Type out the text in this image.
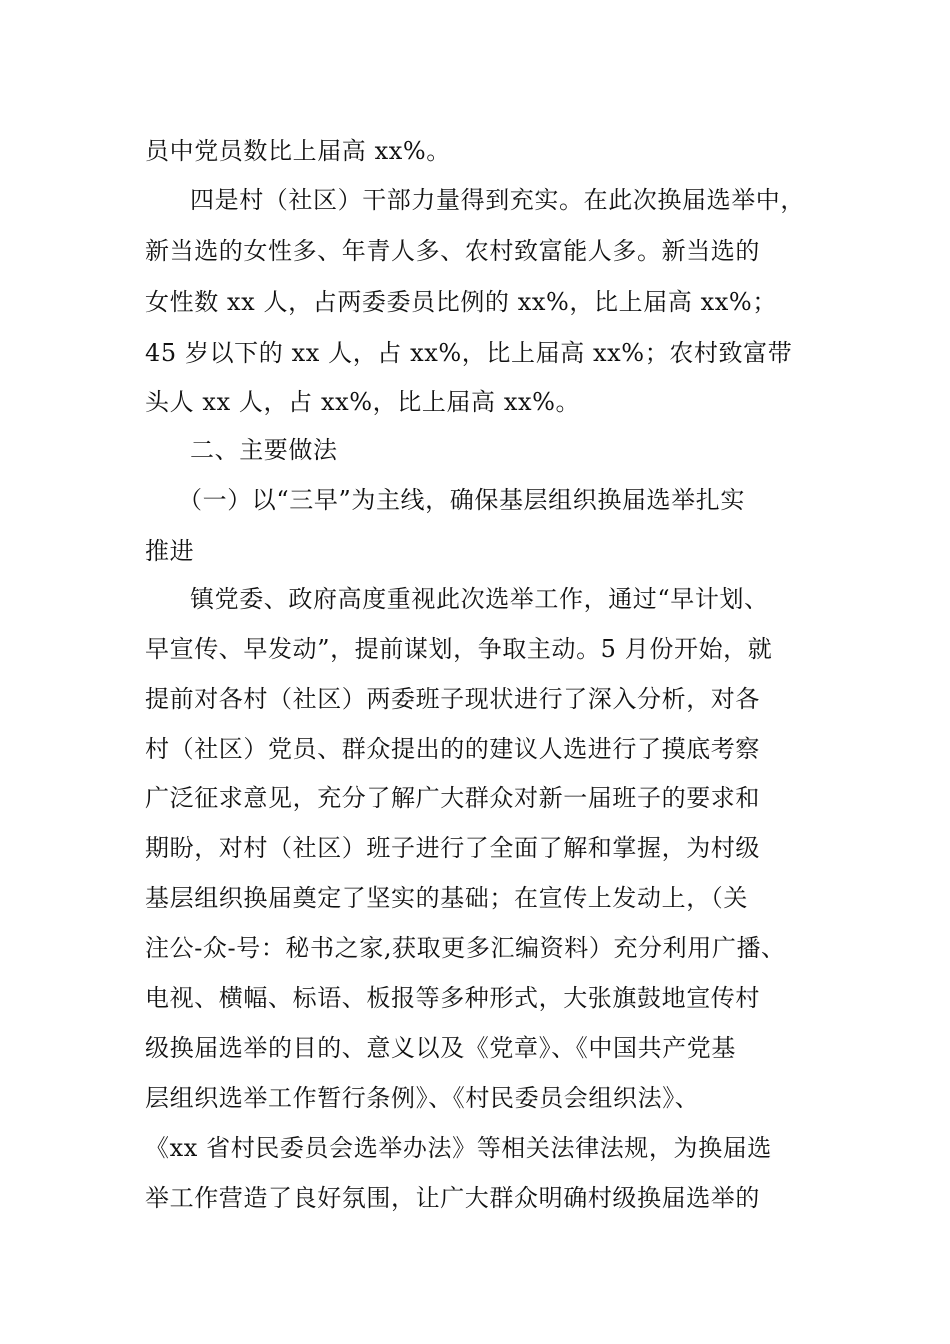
员中党员数比上届高 xx%。
四是村（社区）干部力量得到充实。在此次换届选举中，
新当选的女性多、年青人多、农村致富能人多。新当选的
女性数 xx 人，占两委委员比例的 xx%，比上届高 xx%；
45 岁以下的 xx 人，占 xx%，比上届高 xx%；农村致富带
头人 xx 人，占 xx%，比上届高 xx%。
二、主要做法
（一）以“三早”为主线，确保基层组织换届选举扎实
推进
镇党委、政府高度重视此次选举工作，通过“早计划、
早宣传、早发动”，提前谋划，争取主动。5 月份开始，就
提前对各村（社区）两委班子现状进行了深入分析，对各
村（社区）党员、群众提出的的建议人选进行了摸底考察
广泛征求意见，充分了解广大群众对新一届班子的要求和
期盼，对村（社区）班子进行了全面了解和掌握，为村级
基层组织换届奠定了坚实的基础；在宣传上发动上，（关
注公-众-号：秘书之家,获取更多汇编资料）充分利用广播、
电视、横幅、标语、板报等多种形式，大张旗鼓地宣传村
级换届选举的目的、意义以及《党章》、《中国共产党基
层组织选举工作暂行条例》、《村民委员会组织法》、
《xx 省村民委员会选举办法》等相关法律法规，为换届选
举工作营造了良好氛围，让广大群众明确村级换届选举的
